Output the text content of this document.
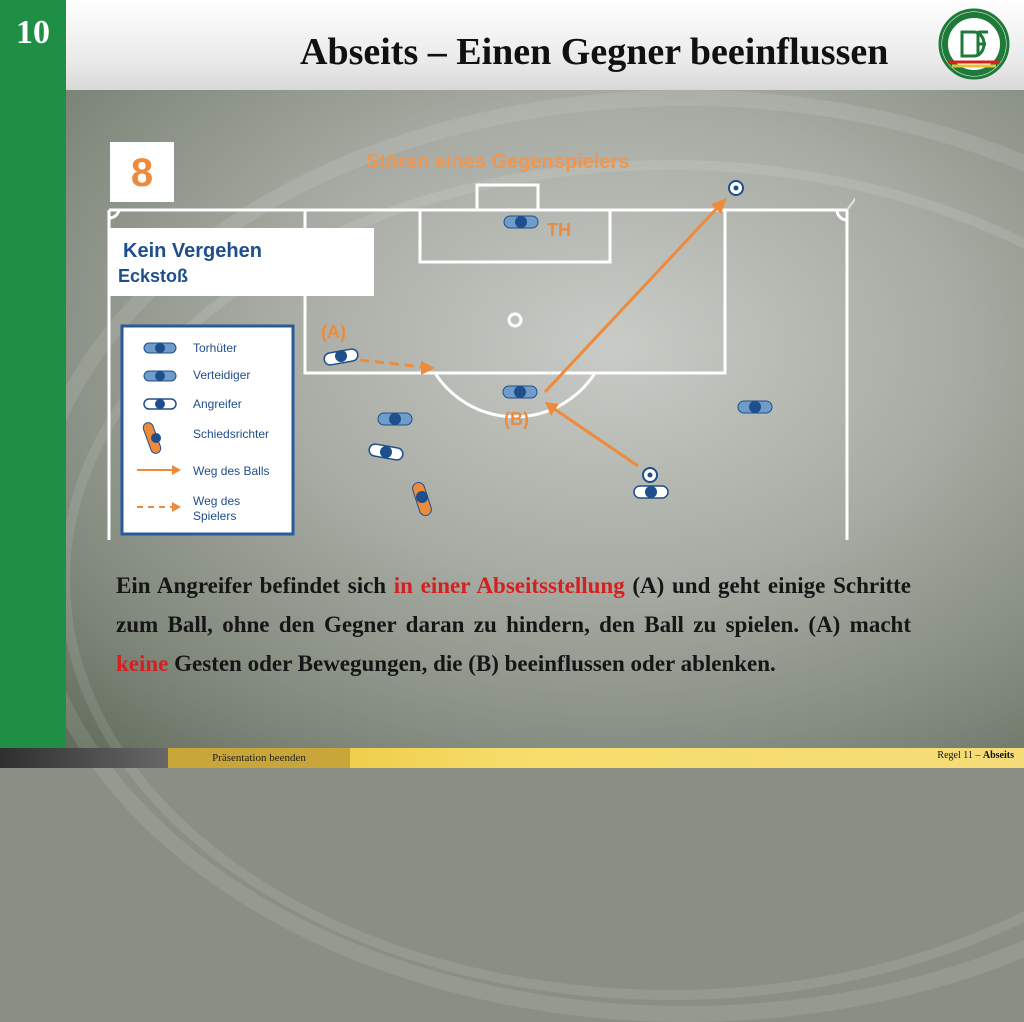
10	Abseits – Einen Gegner beeinflussen
8	Stören eines Gegenspielers
Kein Vergehen
Eckstoß
Torhüter
Verteidiger
Angreifer
Schiedsrichter
Weg des Balls
Weg des
Spielers
TH
(A)
(B)
Ein Angreifer befindet sich in einer Abseitsstellung (A) und geht einige Schritte zum Ball, ohne den Gegner daran zu hindern, den Ball zu spielen. (A) macht keine Gesten oder Bewegungen, die (B) beeinflussen oder ablenken.
Präsentation beenden	Regel 11 – Abseits
